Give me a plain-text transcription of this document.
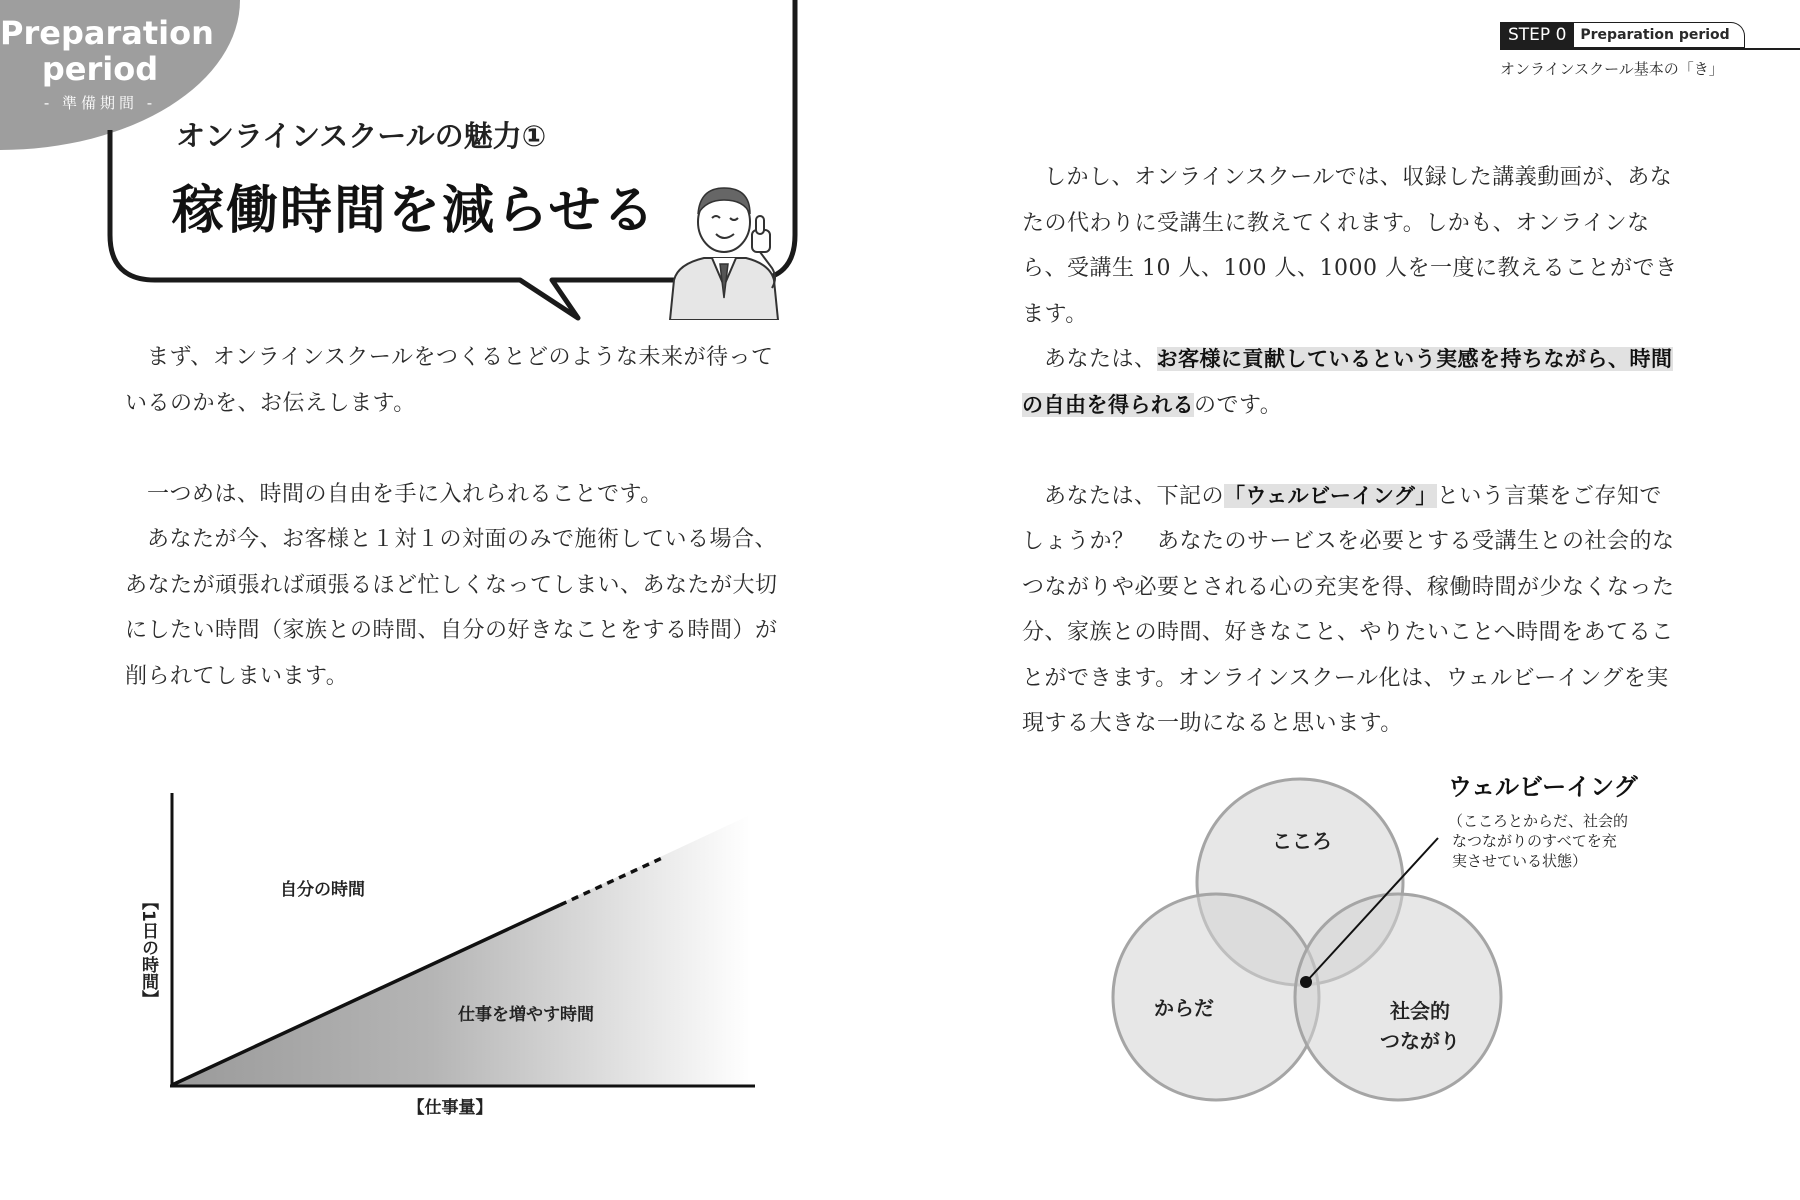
Preparation
period
- 準備期間 -
オンラインスクールの魅力①
稼働時間を減らせる
STEP 0	Preparation period
オンラインスクール基本の「き」

まず、オンラインスクールをつくるとどのような未来が待っているのかを、お伝えします。

一つめは、時間の自由を手に入れられることです。

あなたが今、お客様と１対１の対面のみで施術している場合、あなたが頑張れば頑張るほど忙しくなってしまい、あなたが大切にしたい時間（家族との時間、自分の好きなことをする時間）が削られてしまいます。

しかし、オンラインスクールでは、収録した講義動画が、あなたの代わりに受講生に教えてくれます。しかも、オンラインなら、受講生 10 人、100 人、1000 人を一度に教えることができます。

あなたは、お客様に貢献しているという実感を持ちながら、時間の自由を得られるのです。

あなたは、下記の「ウェルビーイング」という言葉をご存知でしょうか？　あなたのサービスを必要とする受講生との社会的なつながりや必要とされる心の充実を得、稼働時間が少なくなった分、家族との時間、好きなこと、やりたいことへ時間をあてることができます。オンラインスクール化は、ウェルビーイングを実現する大きな一助になると思います。

自分の時間
仕事を増やす時間
【仕事量】
【1日の時間】
こころ
からだ	社会的
つながり
ウェルビーイング
（こころとからだ、社会的
なつながりのすべてを充
実させている状態）
